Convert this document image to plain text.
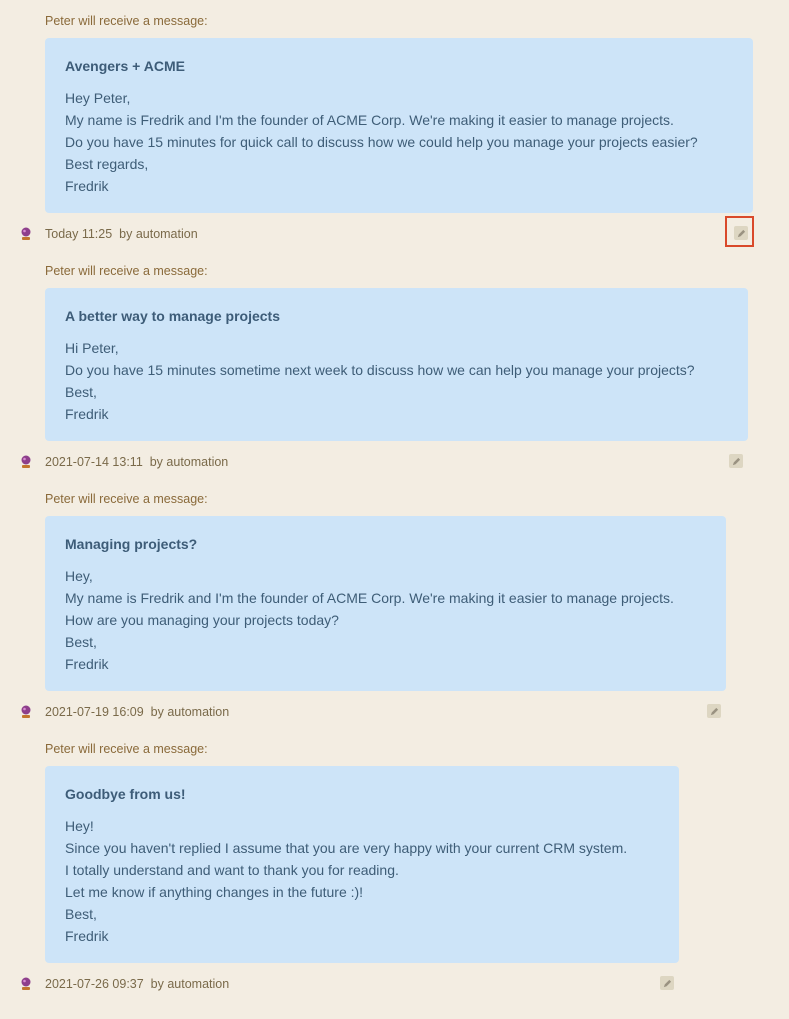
Peter will receive a message:
Avengers + ACME
Hey Peter,
My name is Fredrik and I'm the founder of ACME Corp. We're making it easier to manage projects.
Do you have 15 minutes for quick call to discuss how we could help you manage your projects easier?
Best regards,
Fredrik
Today 11:25 by automation
Peter will receive a message:
A better way to manage projects
Hi Peter,
Do you have 15 minutes sometime next week to discuss how we can help you manage your projects?
Best,
Fredrik
2021-07-14 13:11 by automation
Peter will receive a message:
Managing projects?
Hey,
My name is Fredrik and I'm the founder of ACME Corp. We're making it easier to manage projects.
How are you managing your projects today?
Best,
Fredrik
2021-07-19 16:09 by automation
Peter will receive a message:
Goodbye from us!
Hey!
Since you haven't replied I assume that you are very happy with your current CRM system.
I totally understand and want to thank you for reading.
Let me know if anything changes in the future :)!
Best,
Fredrik
2021-07-26 09:37 by automation
